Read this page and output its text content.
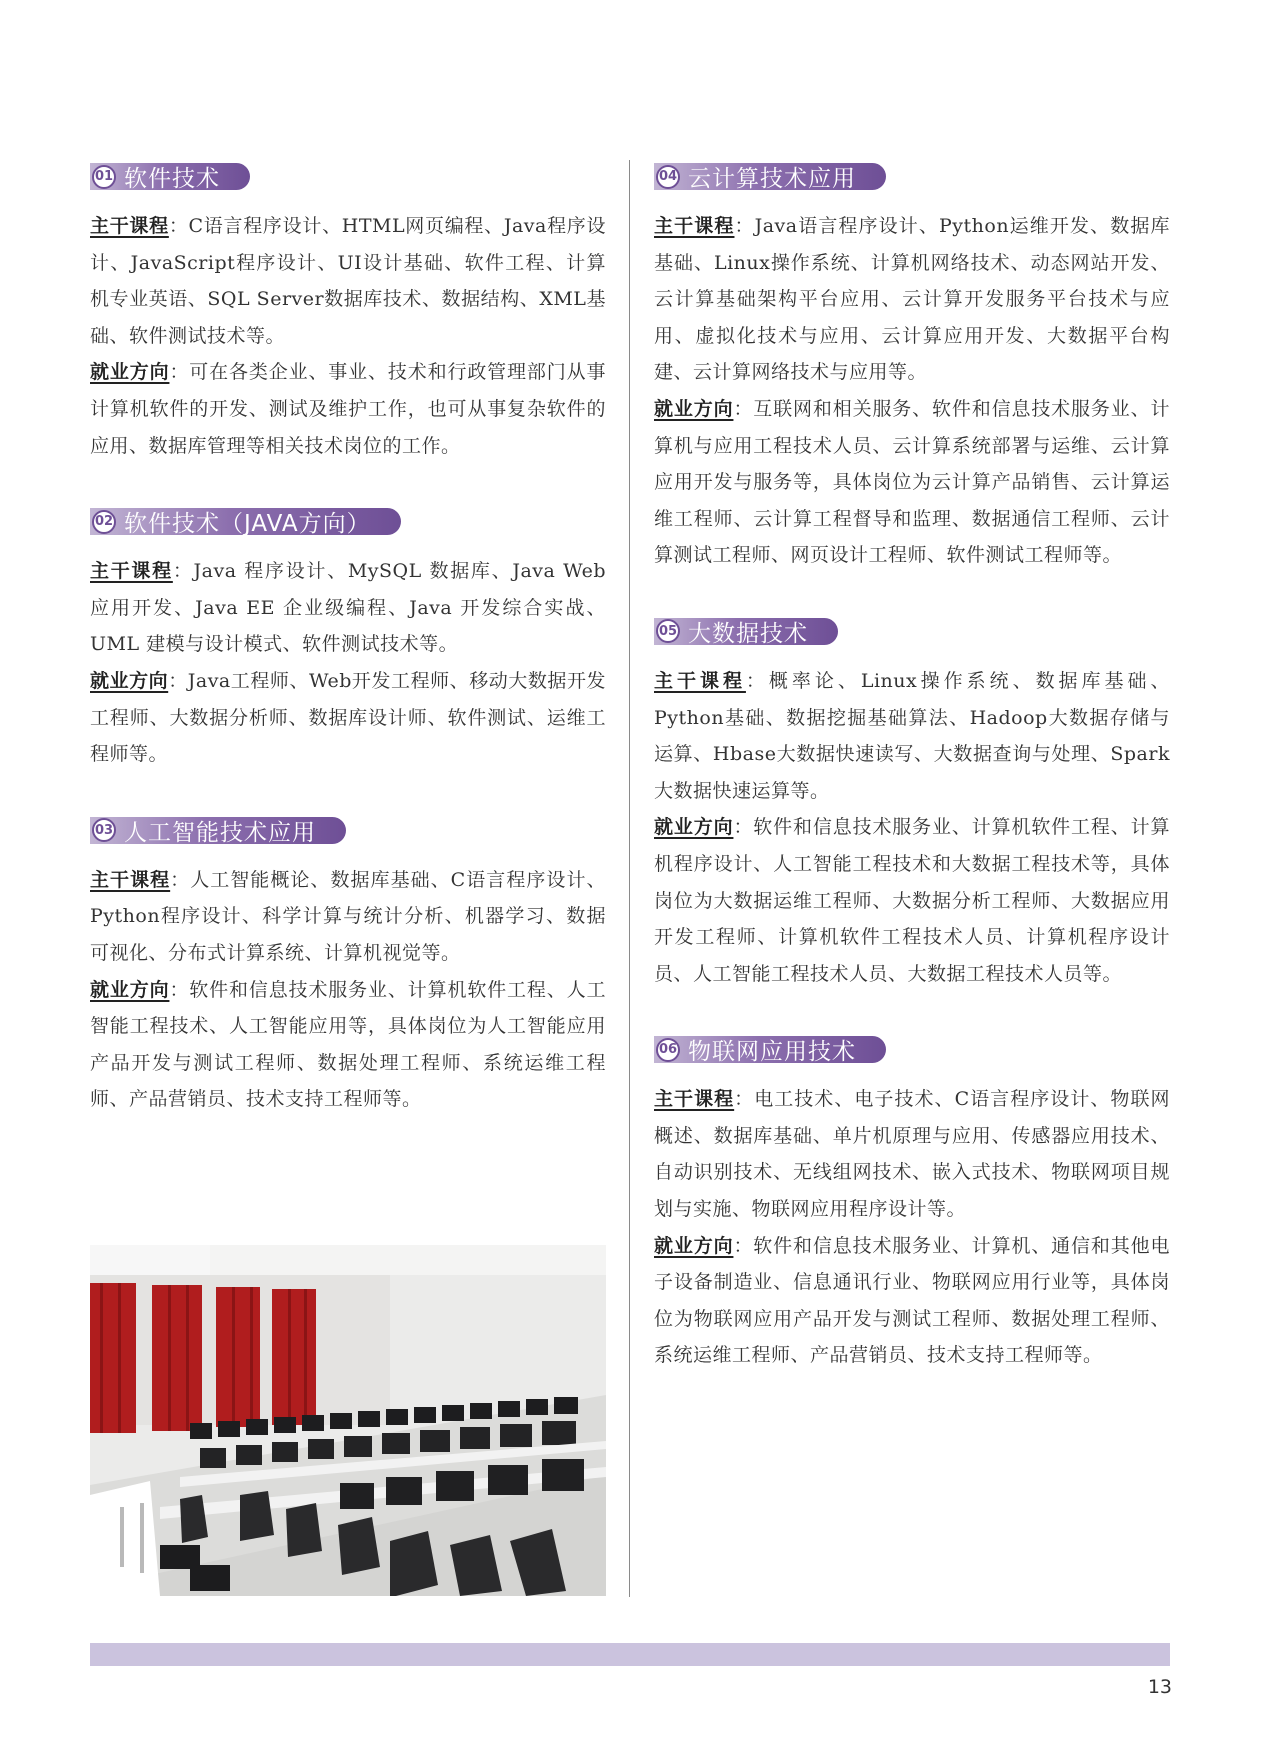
01 软件技术

主干课程：C语言程序设计、HTML网页编程、Java程序设计、JavaScript程序设计、UI设计基础、软件工程、计算机专业英语、SQL Server数据库技术、数据结构、XML基础、软件测试技术等。

就业方向：可在各类企业、事业、技术和行政管理部门从事计算机软件的开发、测试及维护工作，也可从事复杂软件的应用、数据库管理等相关技术岗位的工作。

02 软件技术（JAVA方向）

主干课程：Java 程序设计、MySQL 数据库、Java Web 应用开发、Java EE 企业级编程、Java 开发综合实战、UML 建模与设计模式、软件测试技术等。

就业方向：Java工程师、Web开发工程师、移动大数据开发工程师、大数据分析师、数据库设计师、软件测试、运维工程师等。

03 人工智能技术应用

主干课程：人工智能概论、数据库基础、C语言程序设计、Python程序设计、科学计算与统计分析、机器学习、数据可视化、分布式计算系统、计算机视觉等。

就业方向：软件和信息技术服务业、计算机软件工程、人工智能工程技术、人工智能应用等，具体岗位为人工智能应用产品开发与测试工程师、数据处理工程师、系统运维工程师、产品营销员、技术支持工程师等。

04 云计算技术应用

主干课程：Java语言程序设计、Python运维开发、数据库基础、Linux操作系统、计算机网络技术、动态网站开发、云计算基础架构平台应用、云计算开发服务平台技术与应用、虚拟化技术与应用、云计算应用开发、大数据平台构建、云计算网络技术与应用等。

就业方向：互联网和相关服务、软件和信息技术服务业、计算机与应用工程技术人员、云计算系统部署与运维、云计算应用开发与服务等，具体岗位为云计算产品销售、云计算运维工程师、云计算工程督导和监理、数据通信工程师、云计算测试工程师、网页设计工程师、软件测试工程师等。

05 大数据技术

主干课程：概率论、Linux操作系统、数据库基础、Python基础、数据挖掘基础算法、Hadoop大数据存储与运算、Hbase大数据快速读写、大数据查询与处理、Spark大数据快速运算等。

就业方向：软件和信息技术服务业、计算机软件工程、计算机程序设计、人工智能工程技术和大数据工程技术等，具体岗位为大数据运维工程师、大数据分析工程师、大数据应用开发工程师、计算机软件工程技术人员、计算机程序设计员、人工智能工程技术人员、大数据工程技术人员等。

06 物联网应用技术

主干课程：电工技术、电子技术、C语言程序设计、物联网概述、数据库基础、单片机原理与应用、传感器应用技术、自动识别技术、无线组网技术、嵌入式技术、物联网项目规划与实施、物联网应用程序设计等。

就业方向：软件和信息技术服务业、计算机、通信和其他电子设备制造业、信息通讯行业、物联网应用行业等，具体岗位为物联网应用产品开发与测试工程师、数据处理工程师、系统运维工程师、产品营销员、技术支持工程师等。

13
